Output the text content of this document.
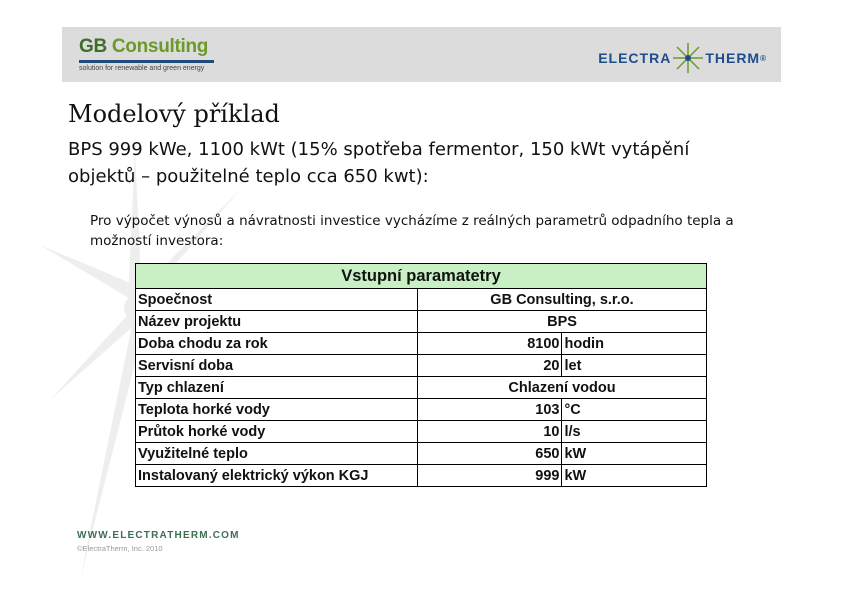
GB Consulting
solution for renewable and green energy
ELECTRA THERM ®
Modelový příklad
BPS 999 kWe, 1100 kWt (15% spotřeba fermentor, 150 kWt vytápění objektů – použitelné teplo cca 650 kwt):
Pro výpočet výnosů a návratnosti investice vycházíme z reálných parametrů odpadního tepla a možností investora:
Vstupní paramatetry		
Spoečnost	GB Consulting, s.r.o.	
Název projektu	BPS	
Doba chodu za rok	8100	hodin
Servisní doba	20	let
Typ chlazení	Chlazení vodou	
Teplota horké vody	103	°C
Průtok horké vody	10	l/s
Využitelné teplo	650	kW
Instalovaný elektrický výkon KGJ	999	kW
WWW.ELECTRATHERM.COM
©ElectraTherm, Inc. 2010
